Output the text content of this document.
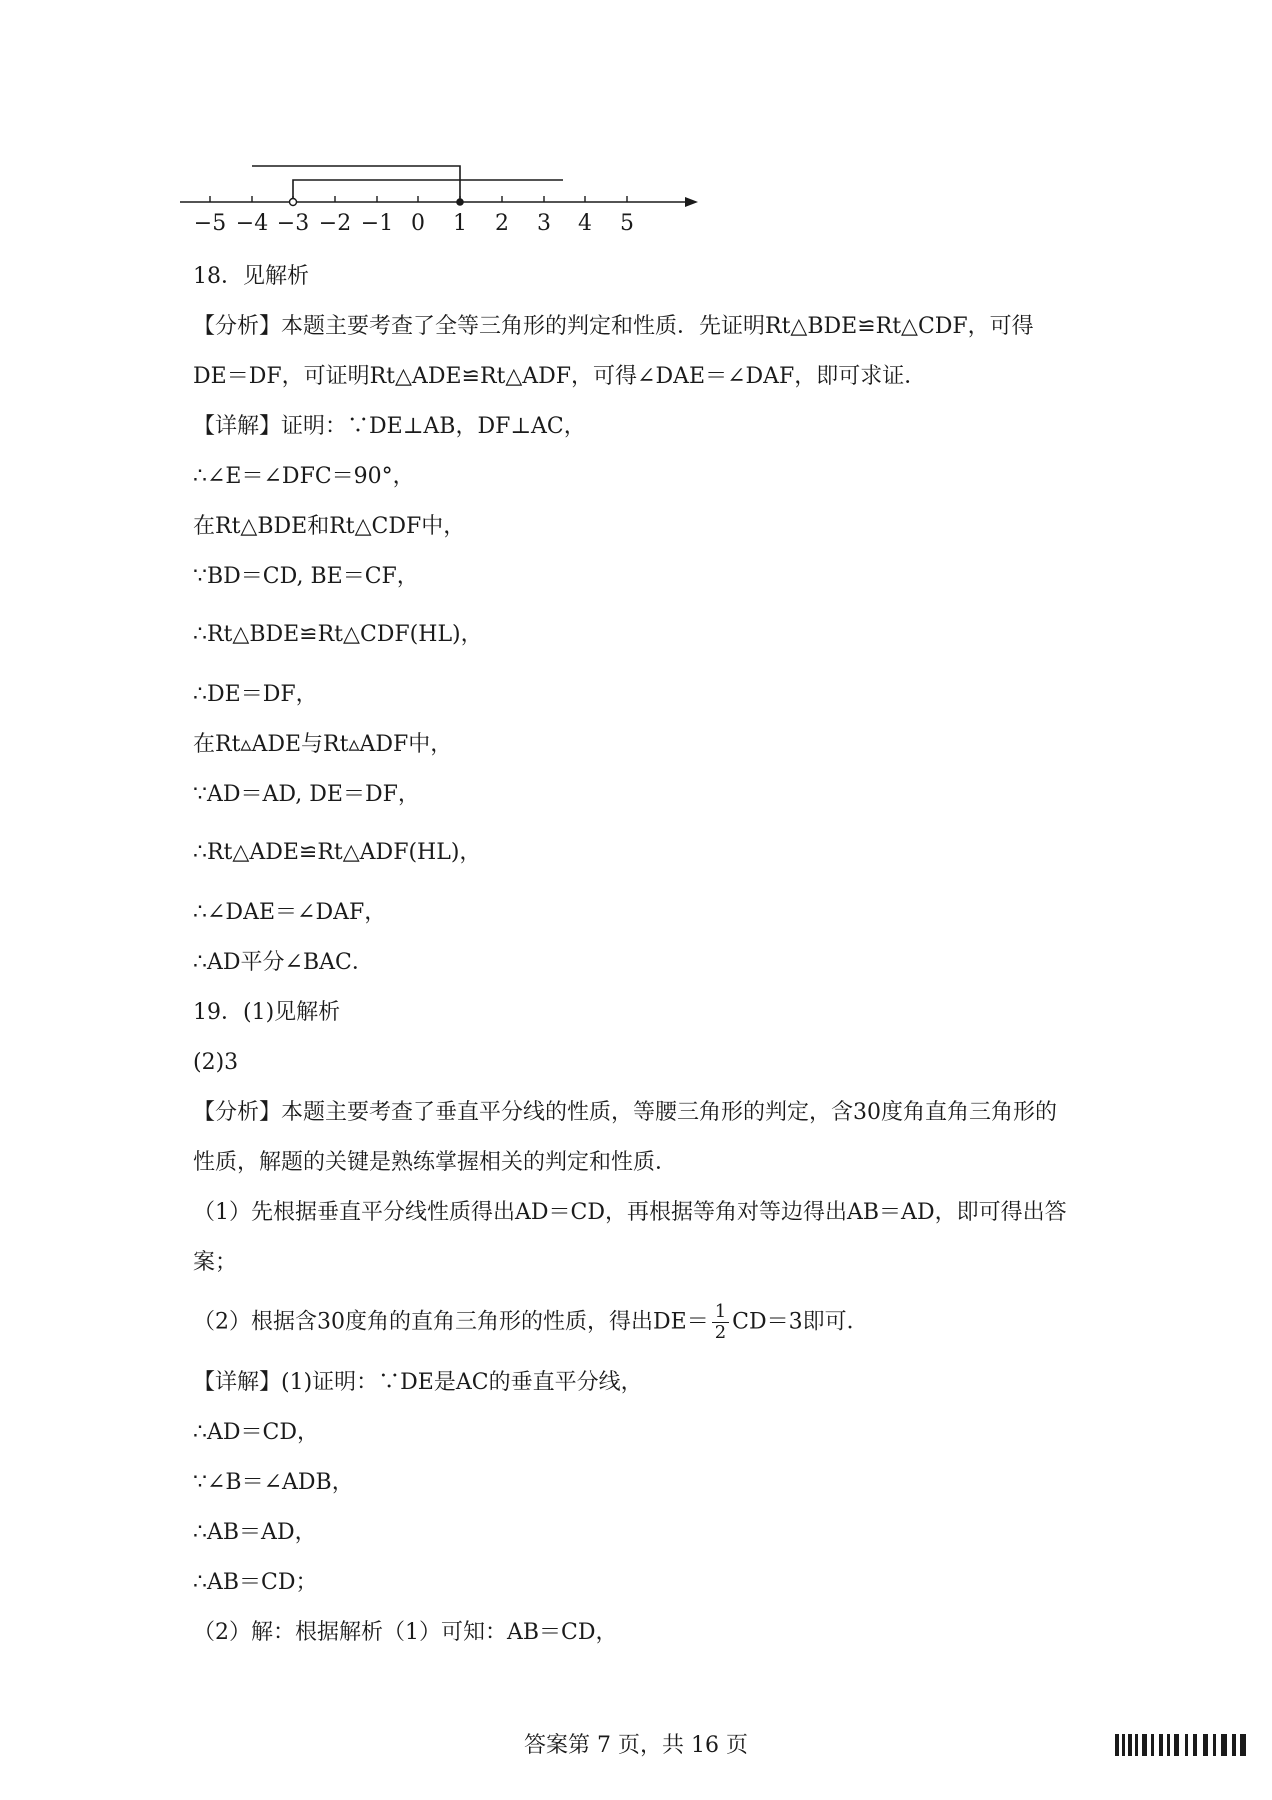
−5 −4 −3 −2 −1 0 1 2 3 4 5
18．见解析
【分析】本题主要考查了全等三角形的判定和性质．先证明Rt△BDE≌Rt△CDF，可得
DE＝DF，可证明Rt△ADE≌Rt△ADF，可得∠DAE＝∠DAF，即可求证．
【详解】证明：∵DE⊥AB，DF⊥AC，
∴∠E＝∠DFC＝90°，
在Rt△BDE和Rt△CDF中，
∵BD＝CD, BE＝CF，
∴Rt△BDE≌Rt△CDF(HL)，
∴DE＝DF，
在Rt▵ADE与Rt▵ADF中，
∵AD＝AD, DE＝DF，
∴Rt△ADE≌Rt△ADF(HL)，
∴∠DAE＝∠DAF，
∴AD平分∠BAC．
19．(1)见解析
(2)3
【分析】本题主要考查了垂直平分线的性质，等腰三角形的判定，含30度角直角三角形的
性质，解题的关键是熟练掌握相关的判定和性质．
（1）先根据垂直平分线性质得出AD＝CD，再根据等角对等边得出AB＝AD，即可得出答
案；
（2）根据含30度角的直角三角形的性质，得出$DE= \frac{1}{2} CD=3$即可．
【详解】(1)证明：∵DE是AC的垂直平分线，
∴AD＝CD，
∵∠B＝∠ADB，
∴AB＝AD，
∴AB＝CD；
（2）解：根据解析（1）可知：AB＝CD，
答案第 7 页，共 16 页
